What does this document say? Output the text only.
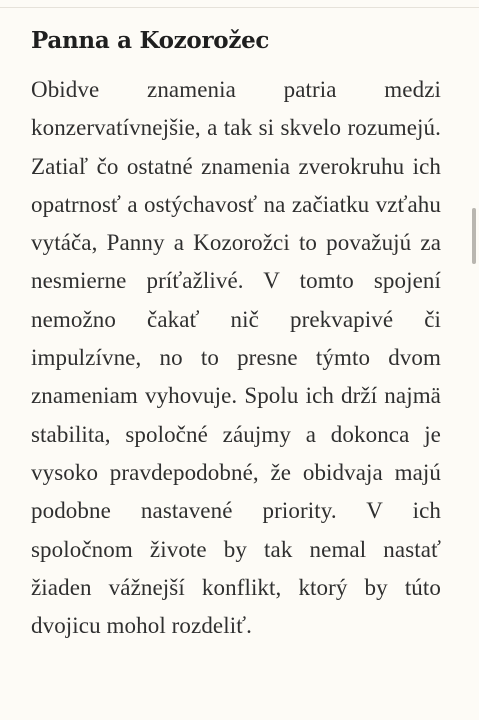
Panna a Kozorožec

Obidve znamenia patria medzi konzervatívnejšie, a tak si skvelo rozumejú. Zatiaľ čo ostatné znamenia zverokruhu ich opatrnosť a ostýchavosť na začiatku vzťahu vytáča, Panny a Kozorožci to považujú za nesmierne príťažlivé. V tomto spojení nemožno čakať nič prekvapivé či impulzívne, no to presne týmto dvom znameniam vyhovuje. Spolu ich drží najmä stabilita, spoločné záujmy a dokonca je vysoko pravdepodobné, že obidvaja majú podobne nastavené priority. V ich spoločnom živote by tak nemal nastať žiaden vážnejší konflikt, ktorý by túto dvojicu mohol rozdeliť.
